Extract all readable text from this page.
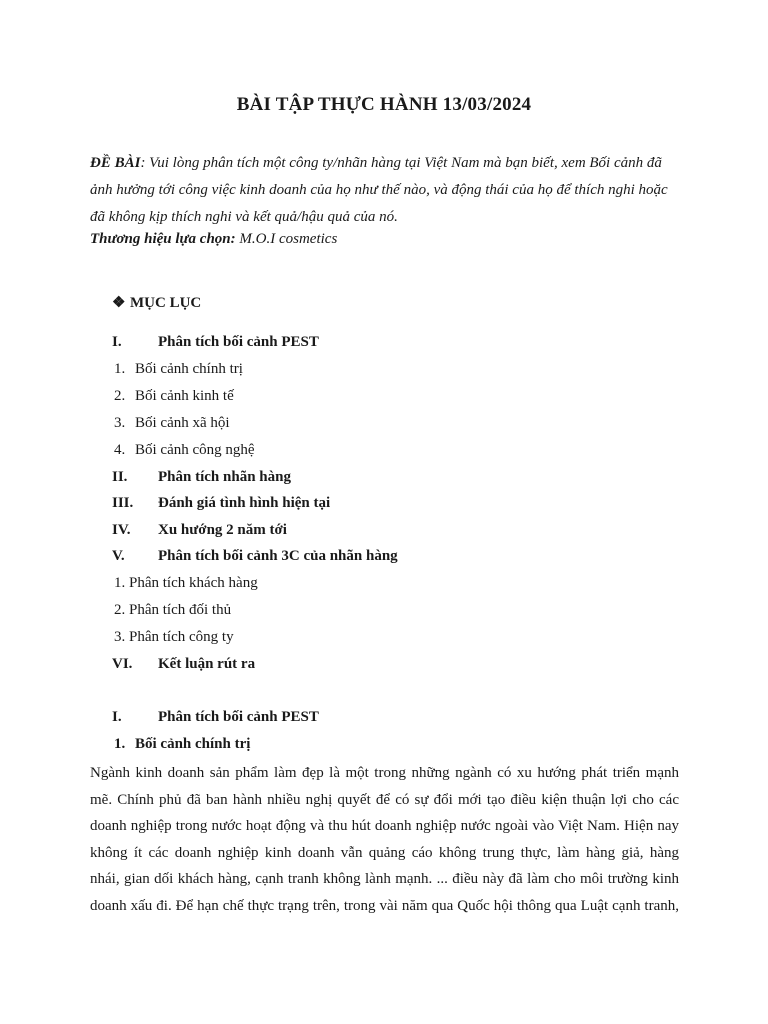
BÀI TẬP THỰC HÀNH 13/03/2024
ĐỀ BÀI: Vui lòng phân tích một công ty/nhãn hàng tại Việt Nam mà bạn biết, xem Bối cảnh đã
ảnh hưởng tới công việc kinh doanh của họ như thế nào, và động thái của họ để thích nghi hoặc
đã không kịp thích nghi và kết quả/hậu quả của nó.
Thương hiệu lựa chọn: M.O.I cosmetics
❖ MỤC LỤC
I. Phân tích bối cảnh PEST
1. Bối cảnh chính trị
2. Bối cảnh kinh tế
3. Bối cảnh xã hội
4. Bối cảnh công nghệ
II. Phân tích nhãn hàng
III. Đánh giá tình hình hiện tại
IV. Xu hướng 2 năm tới
V. Phân tích bối cảnh 3C của nhãn hàng
1. Phân tích khách hàng
2. Phân tích đối thủ
3. Phân tích công ty
VI. Kết luận rút ra
I. Phân tích bối cảnh PEST
1. Bối cảnh chính trị
Ngành kinh doanh sản phẩm làm đẹp là một trong những ngành có xu hướng phát triển mạnh
mẽ. Chính phủ đã ban hành nhiều nghị quyết để có sự đổi mới tạo điều kiện thuận lợi cho các
doanh nghiệp trong nước hoạt động và thu hút doanh nghiệp nước ngoài vào Việt Nam. Hiện nay
không ít các doanh nghiệp kinh doanh vẫn quảng cáo không trung thực, làm hàng giả, hàng
nhái, gian dối khách hàng, cạnh tranh không lành mạnh. ... điều này đã làm cho môi trường kinh
doanh xấu đi. Để hạn chế thực trạng trên, trong vài năm qua Quốc hội thông qua Luật cạnh tranh,
